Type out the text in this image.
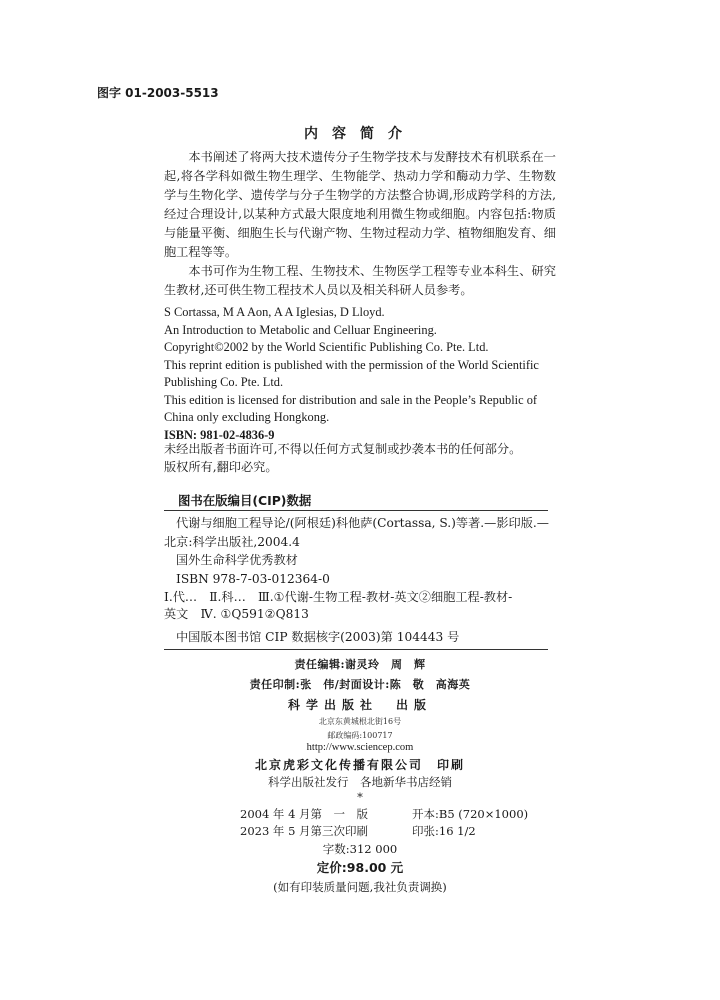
图字 01-2003-5513
内容简介

本书阐述了将两大技术遗传分子生物学技术与发酵技术有机联系在一起,将各学科如微生物生理学、生物能学、热动力学和酶动力学、生物数学与生物化学、遗传学与分子生物学的方法整合协调,形成跨学科的方法,经过合理设计,以某种方式最大限度地利用微生物或细胞。内容包括:物质与能量平衡、细胞生长与代谢产物、生物过程动力学、植物细胞发育、细胞工程等等。

本书可作为生物工程、生物技术、生物医学工程等专业本科生、研究生教材,还可供生物工程技术人员以及相关科研人员参考。

S Cortassa, M A Aon, A A Iglesias, D Lloyd.
An Introduction to Metabolic and Celluar Engineering.
Copyright©2002 by the World Scientific Publishing Co. Pte. Ltd.
This reprint edition is published with the permission of the World Scientific
Publishing Co. Pte. Ltd.
This edition is licensed for distribution and sale in the People’s Republic of
China only excluding Hongkong.
ISBN: 981-02-4836-9
未经出版者书面许可,不得以任何方式复制或抄袭本书的任何部分。
版权所有,翻印必究。
图书在版编目(CIP)数据
代谢与细胞工程导论/(阿根廷)科他萨(Cortassa, S.)等著.—影印版.—
北京:科学出版社,2004.4
国外生命科学优秀教材
ISBN 978-7-03-012364-0
Ⅰ.代…　Ⅱ.科…　Ⅲ.①代谢-生物工程-教材-英文②细胞工程-教材-
英文　Ⅳ. ①Q591②Q813
中国版本图书馆 CIP 数据核字(2003)第 104443 号
责任编辑:谢灵玲　周　辉
责任印制:张　伟/封面设计:陈　敬　高海英
科学出版社　出版
北京东黄城根北街16号
邮政编码:100717
http://www.sciencep.com
北京虎彩文化传播有限公司　印刷
科学出版社发行　各地新华书店经销
*
2004 年 4 月第　一　版	开本:B5 (720×1000)
2023 年 5 月第三次印刷	印张:16 1/2
字数:312 000
定价:98.00 元
(如有印装质量问题,我社负责调换)
